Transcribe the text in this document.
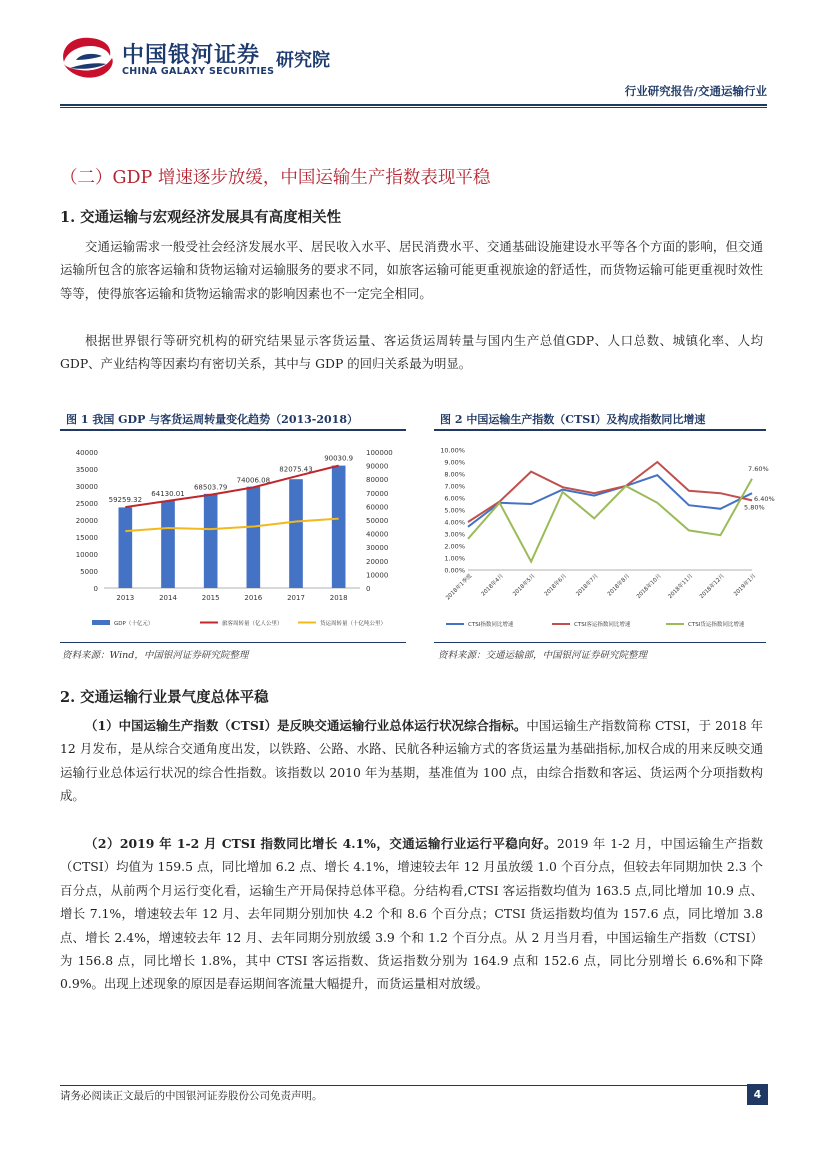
中国银河证券
CHINA GALAXY SECURITIES
研究院
行业研究报告/交通运输行业
（二）GDP 增速逐步放缓，中国运输生产指数表现平稳
1. 交通运输与宏观经济发展具有高度相关性
交通运输需求一般受社会经济发展水平、居民收入水平、居民消费水平、交通基础设施建设水平等各个方面的影响，但交通运输所包含的旅客运输和货物运输对运输服务的要求不同，如旅客运输可能更重视旅途的舒适性，而货物运输可能更重视时效性等等，使得旅客运输和货物运输需求的影响因素也不一定完全相同。
根据世界银行等研究机构的研究结果显示客货运量、客运货运周转量与国内生产总值GDP、人口总数、城镇化率、人均 GDP、产业结构等因素均有密切关系，其中与 GDP 的回归关系最为明显。
图 1 我国 GDP 与客货运周转量变化趋势（2013-2018）
0
5000
10000
15000
20000
25000
30000
35000
40000
0
10000
20000
30000
40000
50000
60000
70000
80000
90000
100000
2013	2014	2015	2016	2017	2018
59259.32
64130.01
68503.79
74006.08
82075.43
90030.9
GDP（十亿元）	旅客周转量（亿人公里）	货运周转量（十亿吨公里）
资料来源：Wind，中国银河证券研究院整理
图 2 中国运输生产指数（CTSI）及构成指数同比增速
0.00%
1.00%
2.00%
3.00%
4.00%
5.00%
6.00%
7.00%
8.00%
9.00%
10.00%
2018年1季度 2018年4月 2018年5月 2018年6月 2018年7月 2018年8月 2018年10月 2018年11月 2018年12月 2019年1月
7.60%
6.40%
5.80%
CTSI指数同比增速	CTSI客运指数同比增速	CTSI货运指数同比增速
资料来源：交通运输部，中国银河证券研究院整理
2. 交通运输行业景气度总体平稳
（1）中国运输生产指数（CTSI）是反映交通运输行业总体运行状况综合指标。中国运输生产指数简称 CTSI，于 2018 年 12 月发布，是从综合交通角度出发，以铁路、公路、水路、民航各种运输方式的客货运量为基础指标,加权合成的用来反映交通运输行业总体运行状况的综合性指数。该指数以 2010 年为基期，基准值为 100 点，由综合指数和客运、货运两个分项指数构成。
（2）2019 年 1-2 月 CTSI 指数同比增长 4.1%，交通运输行业运行平稳向好。2019 年 1-2 月，中国运输生产指数（CTSI）均值为 159.5 点，同比增加 6.2 点、增长 4.1%，增速较去年 12 月虽放缓 1.0 个百分点，但较去年同期加快 2.3 个百分点，从前两个月运行变化看，运输生产开局保持总体平稳。分结构看,CTSI 客运指数均值为 163.5 点,同比增加 10.9 点、增长 7.1%，增速较去年 12 月、去年同期分别加快 4.2 个和 8.6 个百分点；CTSI 货运指数均值为 157.6 点，同比增加 3.8 点、增长 2.4%，增速较去年 12 月、去年同期分别放缓 3.9 个和 1.2 个百分点。从 2 月当月看，中国运输生产指数（CTSI）为 156.8 点，同比增长 1.8%，其中 CTSI 客运指数、货运指数分别为 164.9 点和 152.6 点，同比分别增长 6.6%和下降 0.9%。出现上述现象的原因是春运期间客流量大幅提升，而货运量相对放缓。
请务必阅读正文最后的中国银河证券股份公司免责声明。	4
